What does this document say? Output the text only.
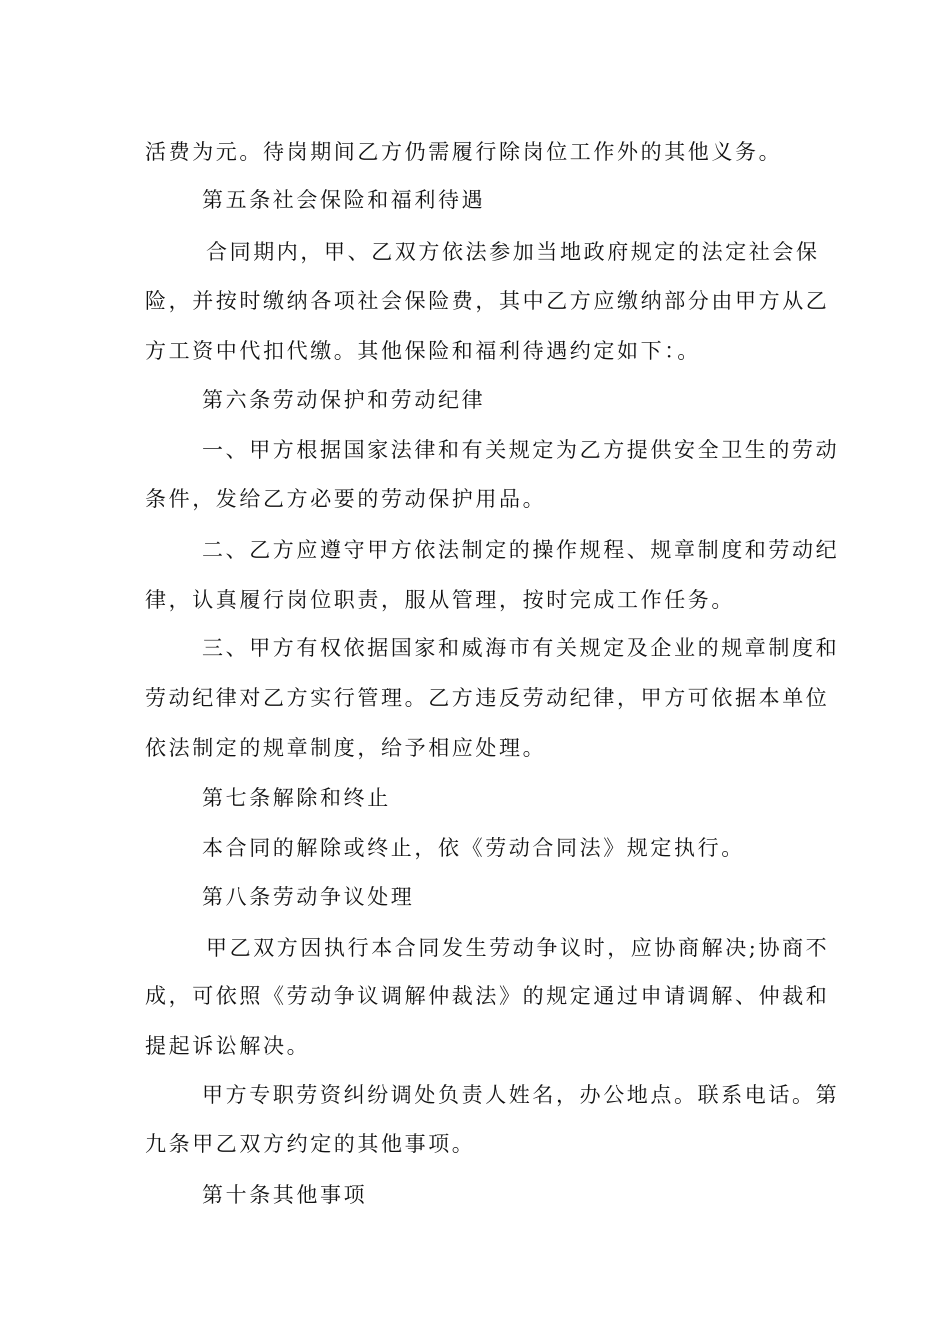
活费为元。待岗期间乙方仍需履行除岗位工作外的其他义务。
第五条社会保险和福利待遇
合同期内，甲、乙双方依法参加当地政府规定的法定社会保
险，并按时缴纳各项社会保险费，其中乙方应缴纳部分由甲方从乙
方工资中代扣代缴。其他保险和福利待遇约定如下：。
第六条劳动保护和劳动纪律
一、甲方根据国家法律和有关规定为乙方提供安全卫生的劳动
条件，发给乙方必要的劳动保护用品。
二、乙方应遵守甲方依法制定的操作规程、规章制度和劳动纪
律，认真履行岗位职责，服从管理，按时完成工作任务。
三、甲方有权依据国家和威海市有关规定及企业的规章制度和
劳动纪律对乙方实行管理。乙方违反劳动纪律，甲方可依据本单位
依法制定的规章制度，给予相应处理。
第七条解除和终止
本合同的解除或终止，依《劳动合同法》规定执行。
第八条劳动争议处理
甲乙双方因执行本合同发生劳动争议时，应协商解决;协商不
成，可依照《劳动争议调解仲裁法》的规定通过申请调解、仲裁和
提起诉讼解决。
甲方专职劳资纠纷调处负责人姓名，办公地点。联系电话。第
九条甲乙双方约定的其他事项。
第十条其他事项
